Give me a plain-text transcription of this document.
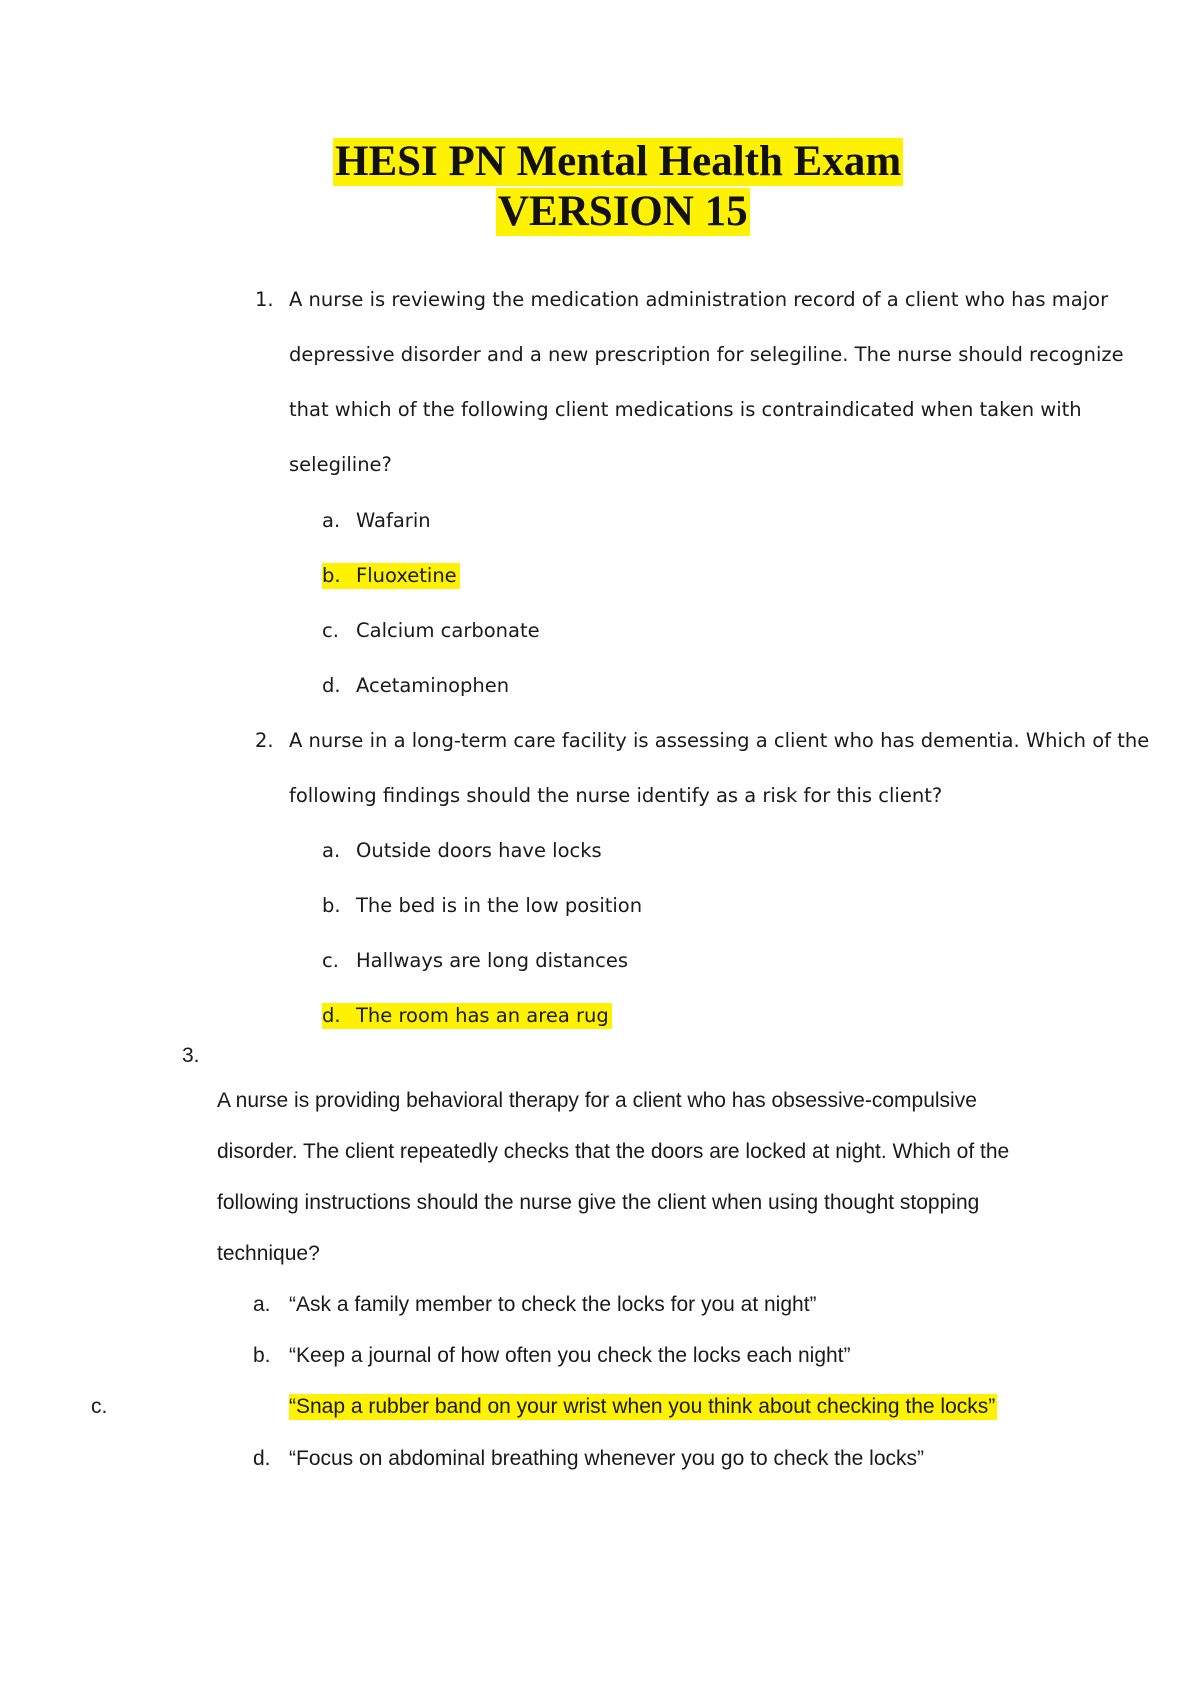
HESI PN Mental Health Exam
VERSION 15
1. A nurse is reviewing the medication administration record of a client who has major
depressive disorder and a new prescription for selegiline. The nurse should recognize
that which of the following client medications is contraindicated when taken with
selegiline?
a. Wafarin
b. Fluoxetine
c. Calcium carbonate
d. Acetaminophen
2. A nurse in a long-term care facility is assessing a client who has dementia. Which of the
following findings should the nurse identify as a risk for this client?
a. Outside doors have locks
b. The bed is in the low position
c. Hallways are long distances
d. The room has an area rug
3.
A nurse is providing behavioral therapy for a client who has obsessive-compulsive
disorder. The client repeatedly checks that the doors are locked at night. Which of the
following instructions should the nurse give the client when using thought stopping
technique?
a. “Ask a family member to check the locks for you at night”
b. “Keep a journal of how often you check the locks each night”
c.	“Snap a rubber band on your wrist when you think about checking the locks”
d. “Focus on abdominal breathing whenever you go to check the locks”
